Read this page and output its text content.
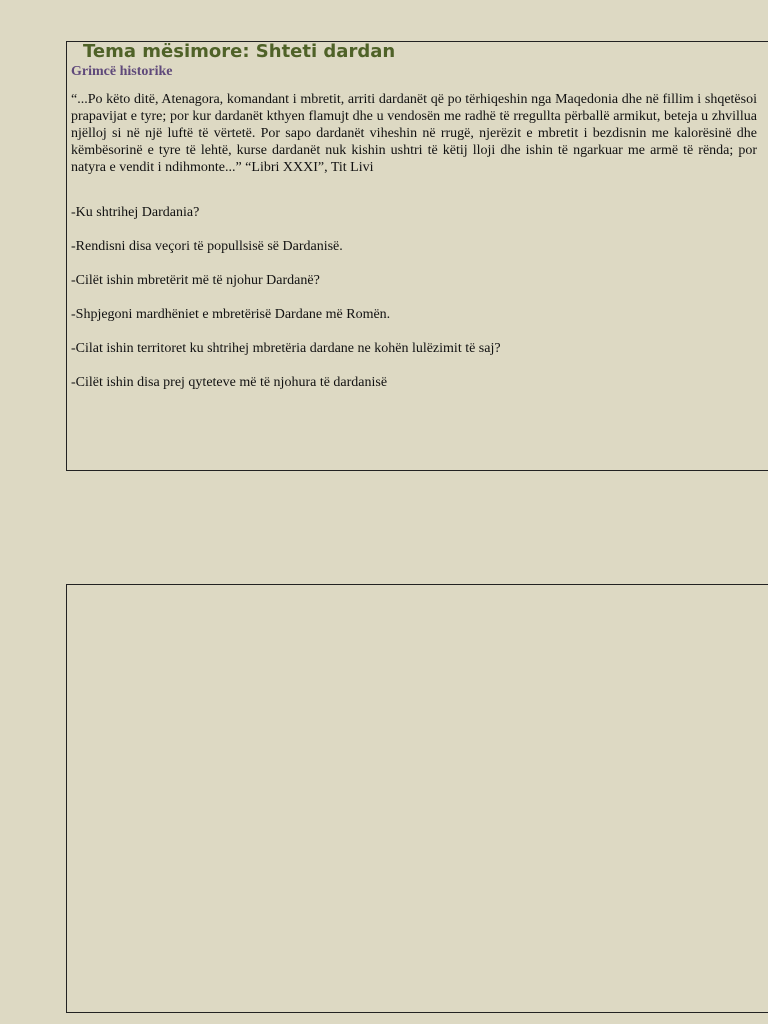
Tema mësimore: Shteti dardan
Grimcë historike

“...Po këto ditë, Atenagora, komandant i mbretit, arriti dardanët që po tërhiqeshin nga Maqedonia dhe në fillim i shqetësoi prapavijat e tyre; por kur dardanët kthyen flamujt dhe u vendosën me radhë të rregullta përballë armikut, beteja u zhvillua njëlloj si në një luftë të vërtetë. Por sapo dardanët viheshin në rrugë, njerëzit e mbretit i bezdisnin me kalorësinë dhe këmbësorinë e tyre të lehtë, kurse dardanët nuk kishin ushtri të këtij lloji dhe ishin të ngarkuar me armë të rënda; por natyra e vendit i ndihmonte...” “Libri XXXI”, Tit Livi

-Ku shtrihej Dardania?
-Rendisni disa veçori të popullsisë së Dardanisë.
-Cilët ishin mbretërit më të njohur Dardanë?
-Shpjegoni mardhëniet e mbretërisë Dardane më Romën.
-Cilat ishin territoret ku shtrihej mbretëria dardane ne kohën lulëzimit të saj?
-Cilët ishin disa prej qyteteve më të njohura të dardanisë
